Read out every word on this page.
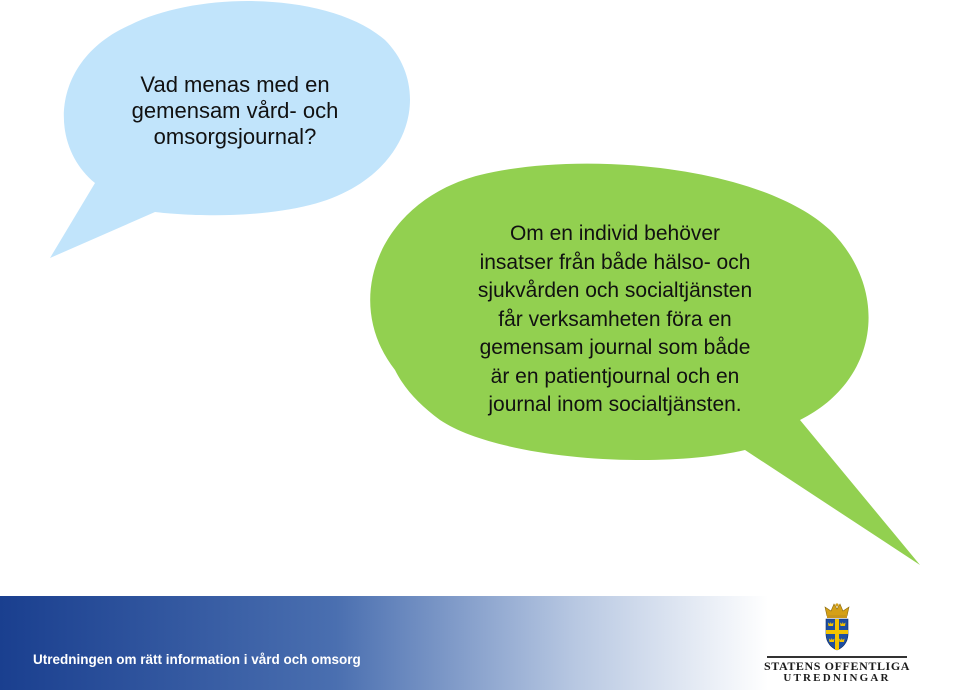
Vad menas med en
gemensam vård- och
omsorgsjournal?
Om en individ behöver
insatser från både hälso- och
sjukvården och socialtjänsten
får verksamheten föra en
gemensam journal som både
är en patientjournal och en
journal inom socialtjänsten.
Utredningen om rätt information i vård och omsorg	STATENS OFFENTLIGA
UTREDNINGAR
